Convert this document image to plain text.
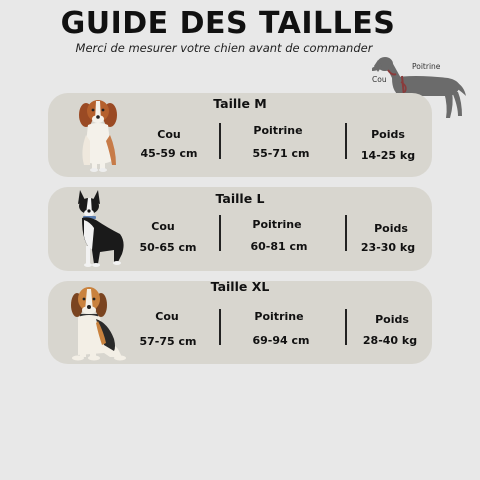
GUIDE DES TAILLES
Merci de mesurer votre chien avant de commander
Cou
Poitrine
Taille M
Cou
45-59 cm
Poitrine
55-71 cm
Poids
14-25 kg
Taille L
Cou
50-65 cm
Poitrine
60-81 cm
Poids
23-30 kg
Taille XL
Cou
57-75 cm
Poitrine
69-94 cm
Poids
28-40 kg
